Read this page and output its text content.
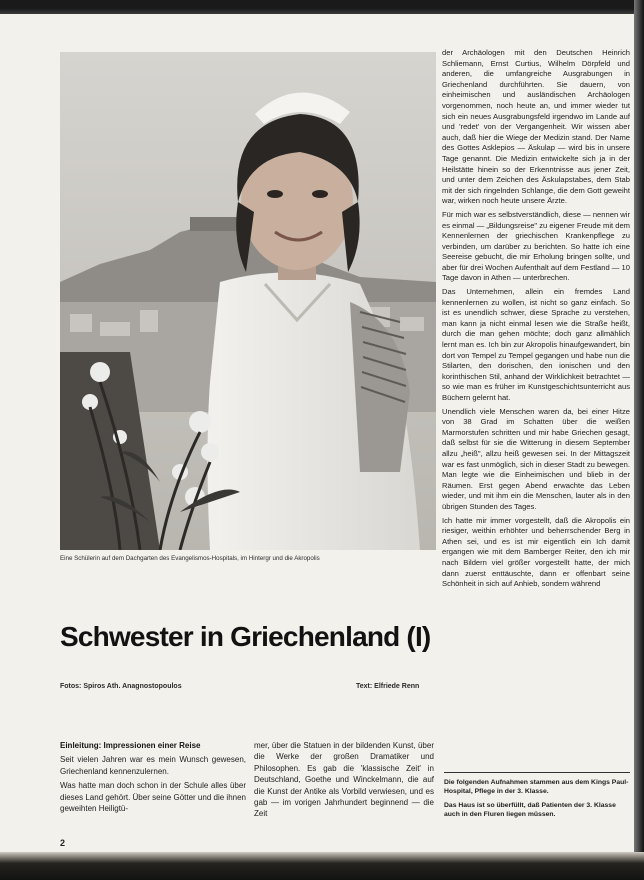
Eine Schülerin auf dem Dachgarten des Evangelismos-Hospitals, im Hintergr und die Akropolis
Schwester in Griechenland (I)
Fotos: Spiros Ath. Anagnostopoulos	Text: Elfriede Renn
Einleitung: Impressionen einer Reise

Seit vielen Jahren war es mein Wunsch gewesen, Griechenland kennenzulernen.

Was hatte man doch schon in der Schule alles über dieses Land gehört. Über seine Götter und die ihnen geweihten Heiligtü-

mer, über die Statuen in der bildenden Kunst, über die Werke der großen Dramatiker und Philosophen. Es gab die 'klassische Zeit' in Deutschland, Goethe und Winckelmann, die auf die Kunst der Antike als Vorbild verwiesen, und es gab — im vorigen Jahrhundert beginnend — die Zeit

der Archäologen mit den Deutschen Heinrich Schliemann, Ernst Curtius, Wilhelm Dörpfeld und anderen, die umfangreiche Ausgrabungen in Griechenland durchführten. Sie dauern, von einheimischen und ausländischen Archäologen vorgenommen, noch heute an, und immer wieder tut sich ein neues Ausgrabungsfeld irgendwo im Lande auf und 'redet' von der Vergangenheit. Wir wissen aber auch, daß hier die Wiege der Medizin stand. Der Name des Gottes Asklepios — Äskulap — wird bis in unsere Tage genannt. Die Medizin entwickelte sich ja in der Heilstätte hinein so der Erkenntnisse aus jener Zeit, und unter dem Zeichen des Äskulapstabes, dem Stab mit der sich ringelnden Schlange, die dem Gott geweiht war, wirken noch heute unsere Ärzte.

Für mich war es selbstverständlich, diese — nennen wir es einmal — „Bildungsreise" zu eigener Freude mit dem Kennenlernen der griechischen Krankenpflege zu verbinden, um darüber zu berichten. So hatte ich eine Seereise gebucht, die mir Erholung bringen sollte, und aber für drei Wochen Aufenthalt auf dem Festland — 10 Tage davon in Athen — unterbrechen.

Das Unternehmen, allein ein fremdes Land kennenlernen zu wollen, ist nicht so ganz einfach. So ist es unendlich schwer, diese Sprache zu verstehen, man kann ja nicht einmal lesen wie die Straße heißt, durch die man gehen möchte; doch ganz allmählich lernt man es. Ich bin zur Akropolis hinaufgewandert, bin dort von Tempel zu Tempel gegangen und habe nun die Stilarten, den dorischen, den ionischen und den korinthischen Stil, anhand der Wirklichkeit betrachtet — so wie man es früher im Kunstgeschichtsunterricht aus Büchern gelernt hat.

Unendlich viele Menschen waren da, bei einer Hitze von 38 Grad im Schatten über die weißen Marmorstufen schritten und mir habe Griechen gesagt, daß selbst für sie die Witterung in diesem September allzu „heiß", allzu heiß gewesen sei. In der Mittagszeit war es fast unmöglich, sich in dieser Stadt zu bewegen. Man legte wie die Einheimischen und blieb in der Räumen. Erst gegen Abend erwachte das Leben wieder, und mit ihm ein die Menschen, lauter als in den übrigen Stunden des Tages.

Ich hatte mir immer vorgestellt, daß die Akropolis ein riesiger, weithin erhöhter und beherrschender Berg in Athen sei, und es ist mir eigentlich ein Ich damit ergangen wie mit dem Bamberger Reiter, den ich mir nach Bildern viel größer vorgestellt hatte, der mich dann zuerst enttäuschte, dann er offenbart seine Schönheit in sich auf Anhieb, sondern während

Die folgenden Aufnahmen stammen aus dem Kings Paul-Hospital, Pflege in der 3. Klasse.

Das Haus ist so überfüllt, daß Patienten der 3. Klasse auch in den Fluren liegen müssen.

2
